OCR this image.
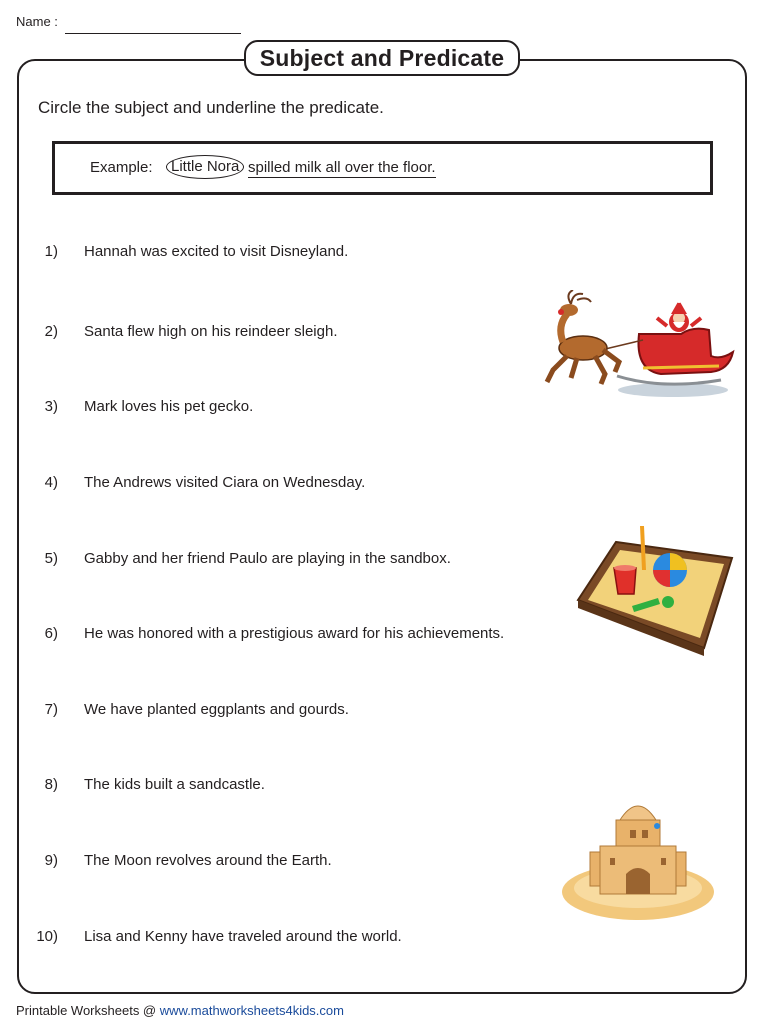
Name :
Subject and Predicate
Circle the subject and underline the predicate.
Example:	Little Nora spilled milk all over the floor.
1) Hannah was excited to visit Disneyland.
2) Santa flew high on his reindeer sleigh.
3) Mark loves his pet gecko.
4) The Andrews visited Ciara on Wednesday.
5) Gabby and her friend Paulo are playing in the sandbox.
6) He was honored with a prestigious award for his achievements.
7) We have planted eggplants and gourds.
8) The kids built a sandcastle.
9) The Moon revolves around the Earth.
10) Lisa and Kenny have traveled around the world.
Printable Worksheets @ www.mathworksheets4kids.com
